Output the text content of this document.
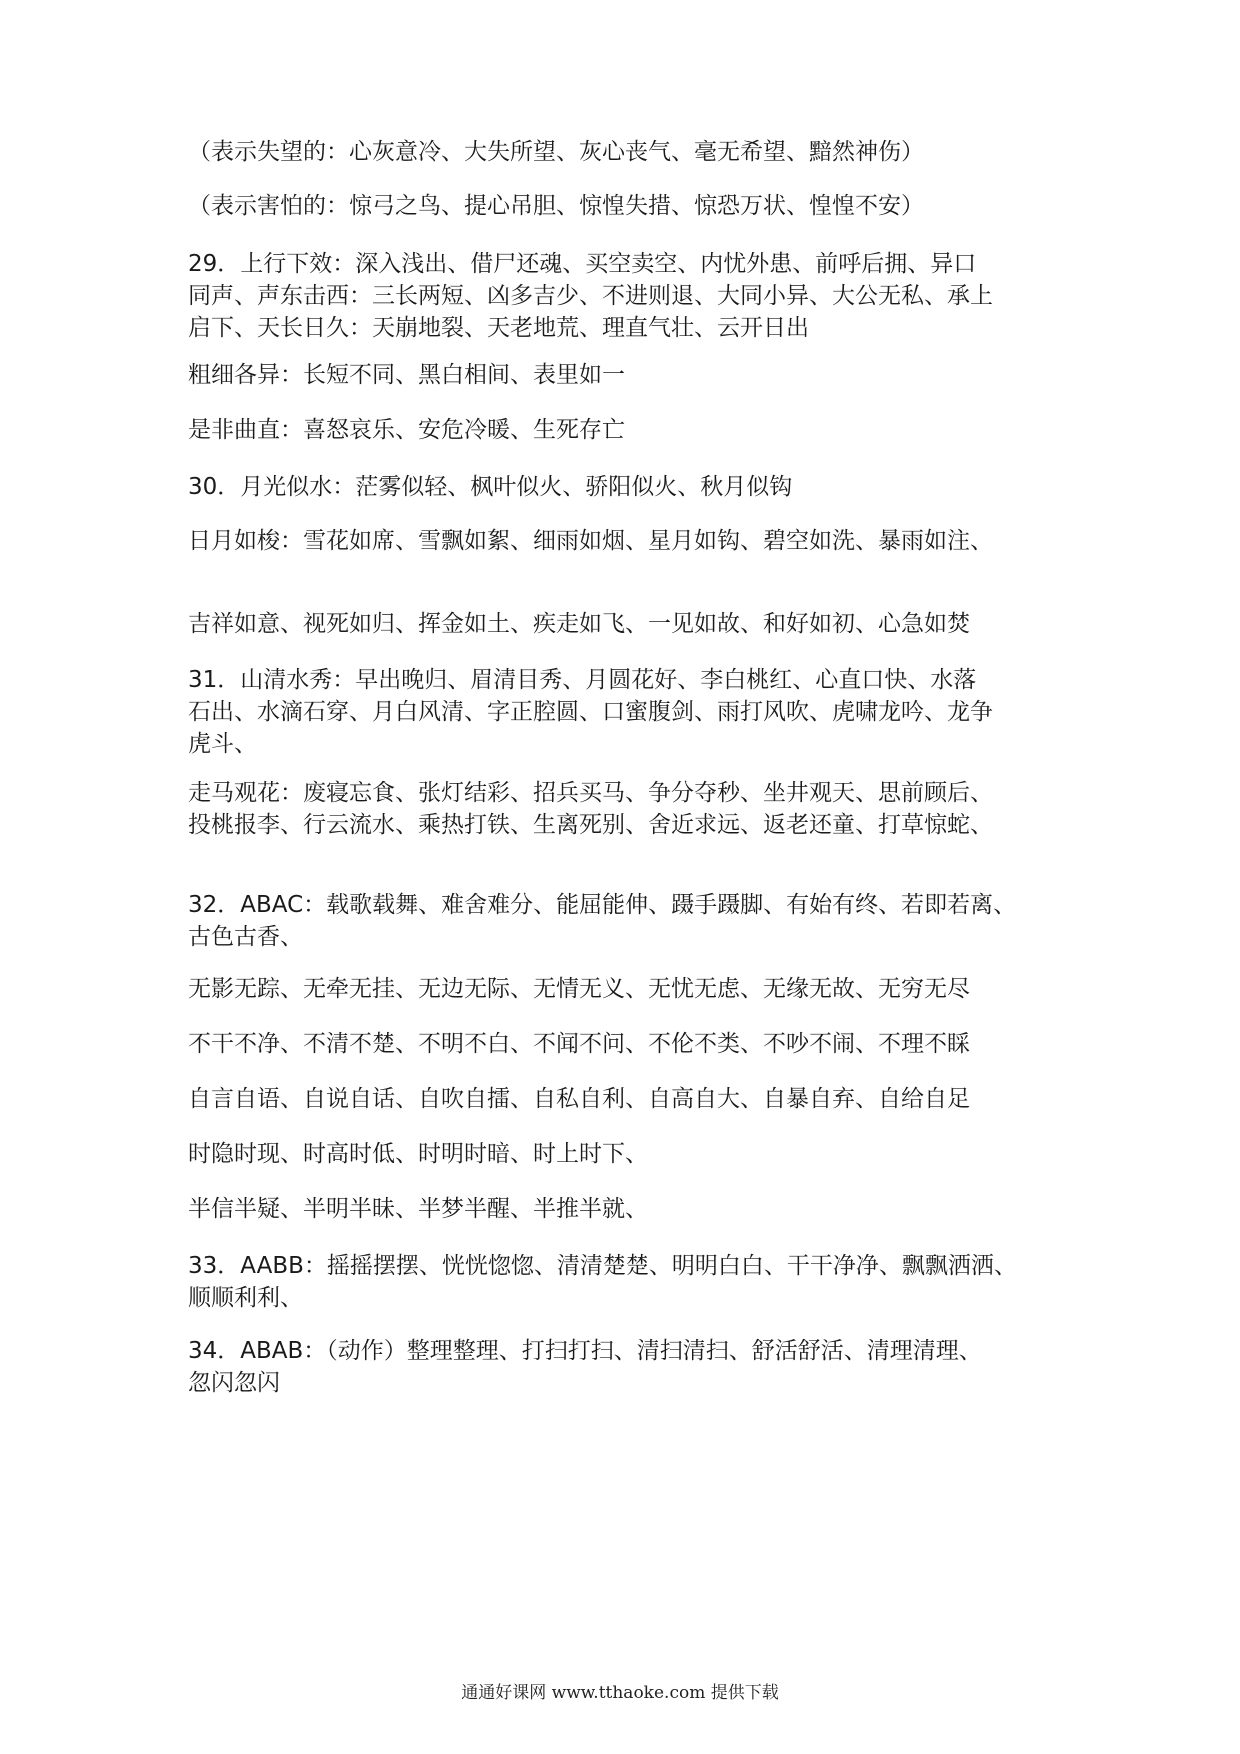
（表示失望的：心灰意冷、大失所望、灰心丧气、毫无希望、黯然神伤）
（表示害怕的：惊弓之鸟、提心吊胆、惊惶失措、惊恐万状、惶惶不安）
29．上行下效：深入浅出、借尸还魂、买空卖空、内忧外患、前呼后拥、异口
同声、声东击西：三长两短、凶多吉少、不进则退、大同小异、大公无私、承上
启下、天长日久：天崩地裂、天老地荒、理直气壮、云开日出
粗细各异：长短不同、黑白相间、表里如一
是非曲直：喜怒哀乐、安危冷暖、生死存亡
30．月光似水：茫雾似轻、枫叶似火、骄阳似火、秋月似钩
日月如梭：雪花如席、雪飘如絮、细雨如烟、星月如钩、碧空如洗、暴雨如注、
吉祥如意、视死如归、挥金如土、疾走如飞、一见如故、和好如初、心急如焚
31．山清水秀：早出晚归、眉清目秀、月圆花好、李白桃红、心直口快、水落
石出、水滴石穿、月白风清、字正腔圆、口蜜腹剑、雨打风吹、虎啸龙吟、龙争
虎斗、
走马观花：废寝忘食、张灯结彩、招兵买马、争分夺秒、坐井观天、思前顾后、
投桃报李、行云流水、乘热打铁、生离死别、舍近求远、返老还童、打草惊蛇、
32．ABAC：载歌载舞、难舍难分、能屈能伸、蹑手蹑脚、有始有终、若即若离、
古色古香、
无影无踪、无牵无挂、无边无际、无情无义、无忧无虑、无缘无故、无穷无尽
不干不净、不清不楚、不明不白、不闻不问、不伦不类、不吵不闹、不理不睬
自言自语、自说自话、自吹自擂、自私自利、自高自大、自暴自弃、自给自足
时隐时现、时高时低、时明时暗、时上时下、
半信半疑、半明半昧、半梦半醒、半推半就、
33．AABB：摇摇摆摆、恍恍惚惚、清清楚楚、明明白白、干干净净、飘飘洒洒、
顺顺利利、
34．ABAB：（动作）整理整理、打扫打扫、清扫清扫、舒活舒活、清理清理、
忽闪忽闪
通通好课网 www.tthaoke.com 提供下载
